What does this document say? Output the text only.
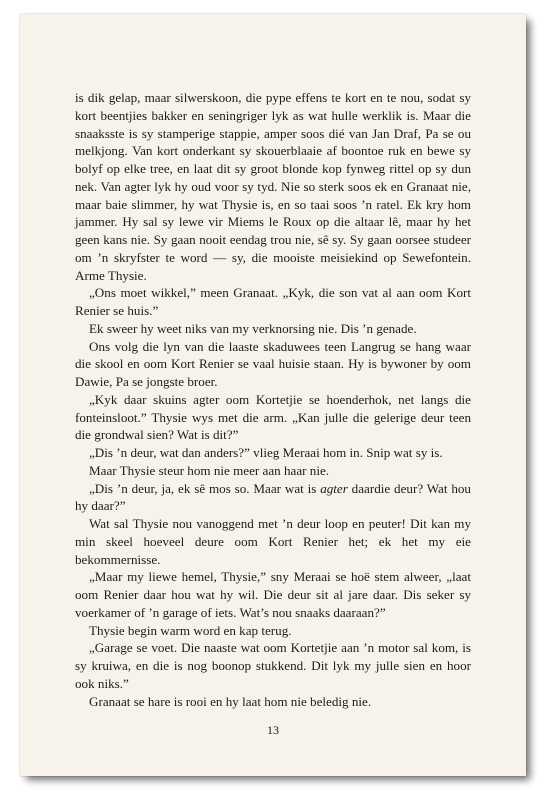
is dik gelap, maar silwerskoon, die pype effens te kort en te nou, sodat sy kort beentjies bakker en seningriger lyk as wat hulle werklik is. Maar die snaaksste is sy stamperige stappie, amper soos dié van Jan Draf, Pa se ou melkjong. Van kort onderkant sy skouerblaaie af boontoe ruk en bewe sy bolyf op elke tree, en laat dit sy groot blonde kop fynweg rittel op sy dun nek. Van agter lyk hy oud voor sy tyd. Nie so sterk soos ek en Granaat nie, maar baie slimmer, hy wat Thysie is, en so taai soos ’n ratel. Ek kry hom jammer. Hy sal sy lewe vir Miems le Roux op die altaar lê, maar hy het geen kans nie. Sy gaan nooit eendag trou nie, sê sy. Sy gaan oorsee studeer om ’n skryfster te word — sy, die mooiste meisiekind op Sewefontein. Arme Thysie.

„Ons moet wikkel,” meen Granaat. „Kyk, die son vat al aan oom Kort Renier se huis.”

Ek sweer hy weet niks van my verknorsing nie. Dis ’n genade.

Ons volg die lyn van die laaste skaduwees teen Langrug se hang waar die skool en oom Kort Renier se vaal huisie staan. Hy is bywoner by oom Dawie, Pa se jongste broer.

„Kyk daar skuins agter oom Kortetjie se hoenderhok, net langs die fonteinsloot.” Thysie wys met die arm. „Kan julle die gelerige deur teen die grondwal sien? Wat is dit?”

„Dis ’n deur, wat dan anders?” vlieg Meraai hom in. Snip wat sy is.

Maar Thysie steur hom nie meer aan haar nie.

„Dis ’n deur, ja, ek sê mos so. Maar wat is agter daardie deur? Wat hou hy daar?”

Wat sal Thysie nou vanoggend met ’n deur loop en peuter! Dit kan my min skeel hoeveel deure oom Kort Renier het; ek het my eie bekommernisse.

„Maar my liewe hemel, Thysie,” sny Meraai se hoë stem alweer, „laat oom Renier daar hou wat hy wil. Die deur sit al jare daar. Dis seker sy voerkamer of ’n garage of iets. Wat’s nou snaaks daaraan?”

Thysie begin warm word en kap terug.

„Garage se voet. Die naaste wat oom Kortetjie aan ’n motor sal kom, is sy kruiwa, en die is nog boonop stukkend. Dit lyk my julle sien en hoor ook niks.”

Granaat se hare is rooi en hy laat hom nie beledig nie.

13
